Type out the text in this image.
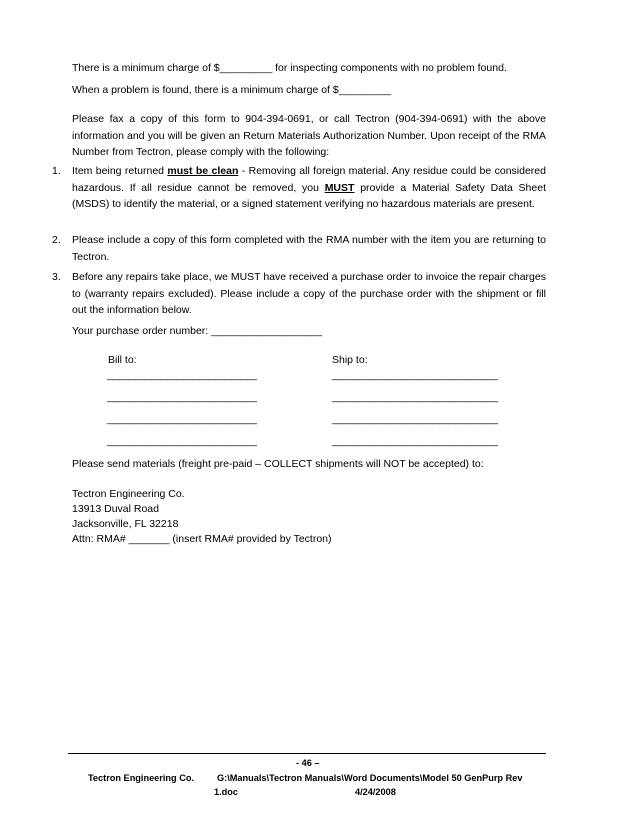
There is a minimum charge of $_________ for inspecting components with no problem found.
When a problem is found, there is a minimum charge of $_________
Please fax a copy of this form to 904-394-0691, or call Tectron (904-394-0691) with the above information and you will be given an Return Materials Authorization Number. Upon receipt of the RMA Number from Tectron, please comply with the following:
1. Item being returned must be clean - Removing all foreign material. Any residue could be considered hazardous. If all residue cannot be removed, you MUST provide a Material Safety Data Sheet (MSDS) to identify the material, or a signed statement verifying no hazardous materials are present.
2. Please include a copy of this form completed with the RMA number with the item you are returning to Tectron.
3. Before any repairs take place, we MUST have received a purchase order to invoice the repair charges to (warranty repairs excluded). Please include a copy of the purchase order with the shipment or fill out the information below.
Your purchase order number: ___________________
Bill to:	Ship to:
____________________________
____________________________
____________________________
____________________________
_______________________________
_______________________________
_______________________________
_______________________________
Please send materials (freight pre-paid – COLLECT shipments will NOT be accepted) to:
Tectron Engineering Co.
13913 Duval Road
Jacksonville, FL 32218
Attn: RMA# _______ (insert RMA# provided by Tectron)
- 46 –
Tectron Engineering Co. G:\Manuals\Tectron Manuals\Word Documents\Model 50 GenPurp Rev
1.doc	4/24/2008
